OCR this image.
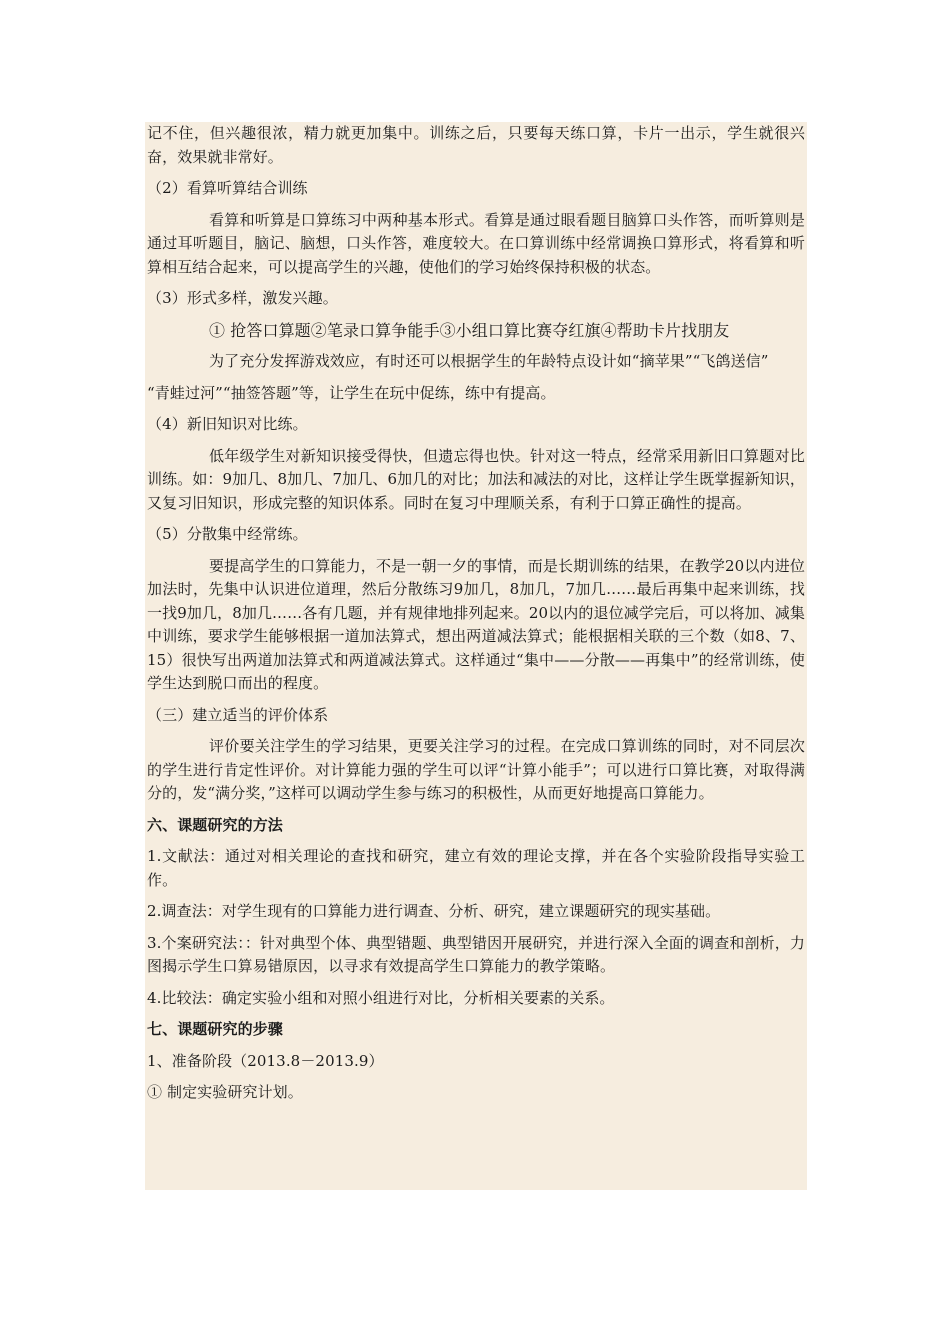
记不住，但兴趣很浓，精力就更加集中。训练之后，只要每天练口算，卡片一出示，学生就很兴奋，效果就非常好。

（2）看算听算结合训练

看算和听算是口算练习中两种基本形式。看算是通过眼看题目脑算口头作答，而听算则是通过耳听题目，脑记、脑想，口头作答，难度较大。在口算训练中经常调换口算形式，将看算和听算相互结合起来，可以提高学生的兴趣，使他们的学习始终保持积极的状态。

（3）形式多样，激发兴趣。

① 抢答口算题②笔录口算争能手③小组口算比赛夺红旗④帮助卡片找朋友

为了充分发挥游戏效应，有时还可以根据学生的年龄特点设计如“摘苹果”“飞鸽送信”

“青蛙过河”“抽签答题”等，让学生在玩中促练，练中有提高。

（4）新旧知识对比练。

低年级学生对新知识接受得快，但遗忘得也快。针对这一特点，经常采用新旧口算题对比训练。如：9加几、8加几、7加几、6加几的对比；加法和减法的对比，这样让学生既掌握新知识，又复习旧知识，形成完整的知识体系。同时在复习中理顺关系，有利于口算正确性的提高。

（5）分散集中经常练。

要提高学生的口算能力，不是一朝一夕的事情，而是长期训练的结果，在教学20以内进位加法时，先集中认识进位道理，然后分散练习9加几，8加几，7加几……最后再集中起来训练，找一找9加几，8加几……各有几题，并有规律地排列起来。20以内的退位减学完后，可以将加、减集中训练，要求学生能够根据一道加法算式，想出两道减法算式；能根据相关联的三个数（如8、7、15）很快写出两道加法算式和两道减法算式。这样通过“集中——分散——再集中”的经常训练，使学生达到脱口而出的程度。

（三）建立适当的评价体系

评价要关注学生的学习结果，更要关注学习的过程。在完成口算训练的同时，对不同层次的学生进行肯定性评价。对计算能力强的学生可以评“计算小能手”；可以进行口算比赛，对取得满分的，发“满分奖，”这样可以调动学生参与练习的积极性，从而更好地提高口算能力。

六、课题研究的方法

1.文献法：通过对相关理论的查找和研究，建立有效的理论支撑，并在各个实验阶段指导实验工作。

2.调查法：对学生现有的口算能力进行调查、分析、研究，建立课题研究的现实基础。

3.个案研究法：：针对典型个体、典型错题、典型错因开展研究，并进行深入全面的调查和剖析，力图揭示学生口算易错原因，以寻求有效提高学生口算能力的教学策略。

4.比较法：确定实验小组和对照小组进行对比，分析相关要素的关系。

七、课题研究的步骤

1、准备阶段（2013.8－2013.9）

① 制定实验研究计划。
